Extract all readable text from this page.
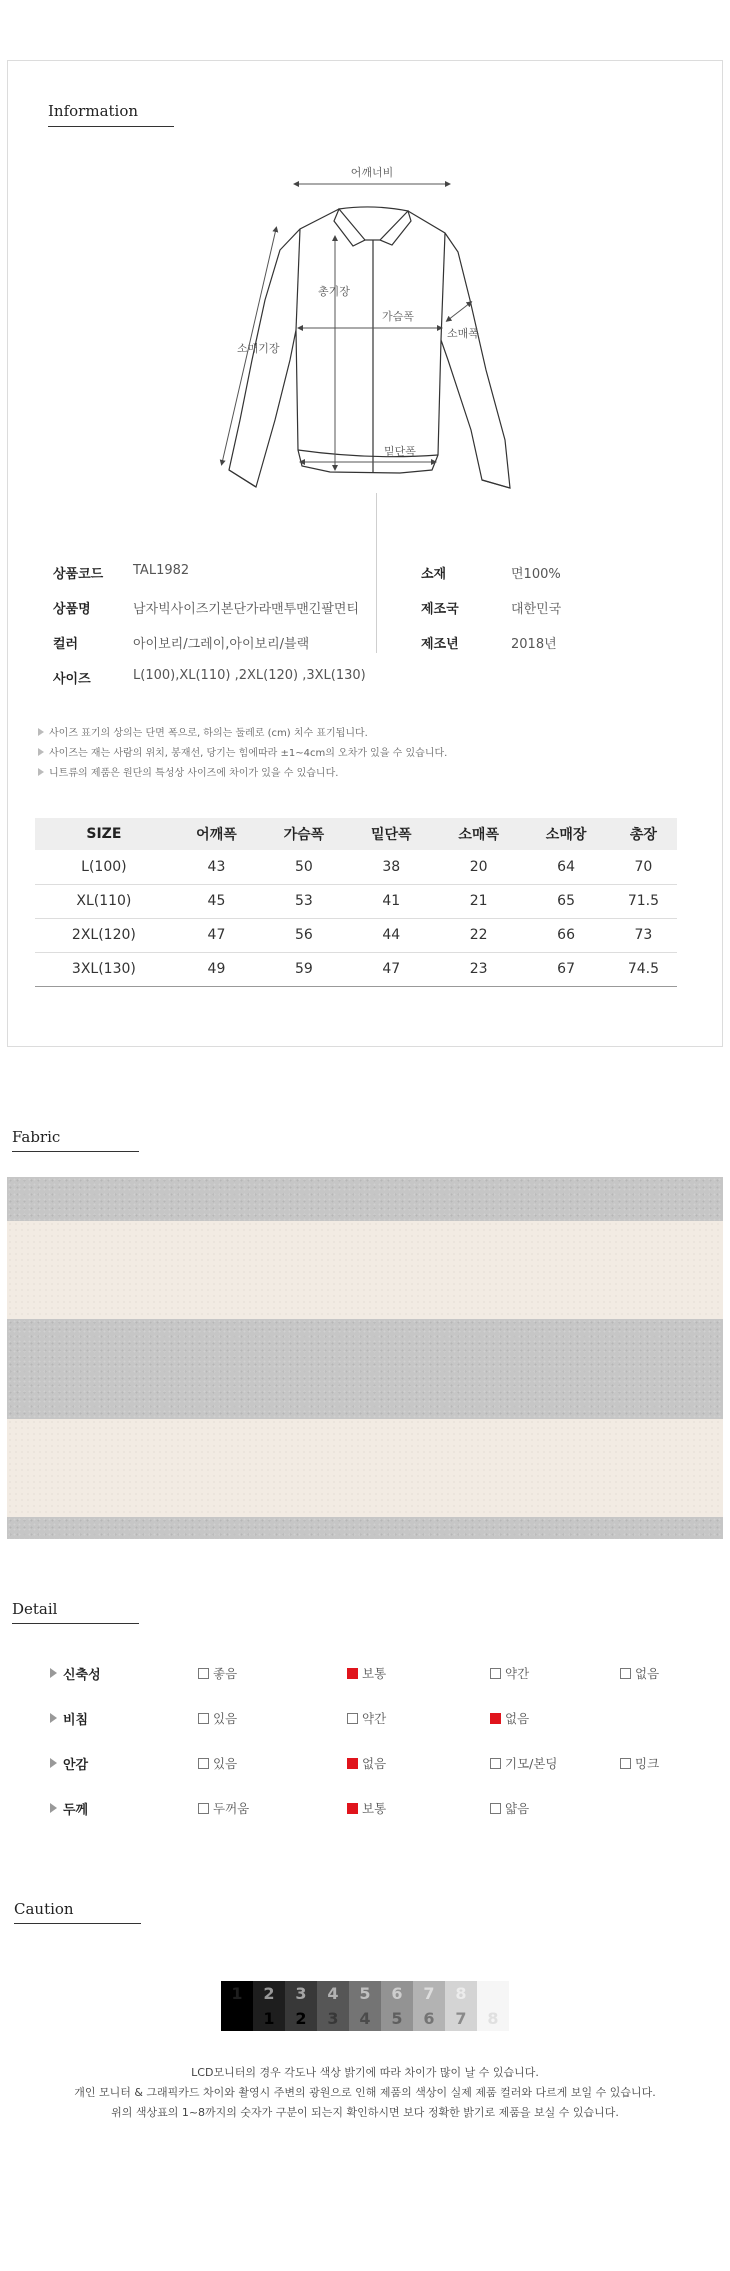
Information
어깨너비
총기장
가슴폭
소매기장
소매폭
밑단폭
상품코드	TAL1982
상품명	남자빅사이즈기본단가라맨투맨긴팔면티
컬러	아이보리/그레이,아이보리/블랙
사이즈	L(100),XL(110) ,2XL(120) ,3XL(130)
소재	면100%
제조국	대한민국
제조년	2018년
사이즈 표기의 상의는 단면 폭으로, 하의는 둘레로 (cm) 치수 표기됩니다.
사이즈는 재는 사람의 위치, 봉재선, 당기는 힘에따라 ±1~4cm의 오차가 있을 수 있습니다.
니트류의 제품은 원단의 특성상 사이즈에 차이가 있을 수 있습니다.
SIZE	어깨폭	가슴폭	밑단폭	소매폭	소매장	총장
L(100)	43	50	38	20	64	70
XL(110)	45	53	41	21	65	71.5
2XL(120)	47	56	44	22	66	73
3XL(130)	49	59	47	23	67	74.5
Fabric
Detail
신축성	좋음	보통	약간	없음
비침	있음	약간	없음
안감	있음	없음	기모/본딩	밍크
두께	두꺼움	보통	얇음
Caution
1	2
1
3
2
4
3
5
4
6
5
7
6
8
7	8
LCD모니터의 경우 각도나 색상 밝기에 따라 차이가 많이 날 수 있습니다.
개인 모니터 & 그래픽카드 차이와 촬영시 주변의 광원으로 인해 제품의 색상이 실제 제품 컬러와 다르게 보일 수 있습니다.
위의 색상표의 1~8까지의 숫자가 구분이 되는지 확인하시면 보다 정확한 밝기로 제품을 보실 수 있습니다.
